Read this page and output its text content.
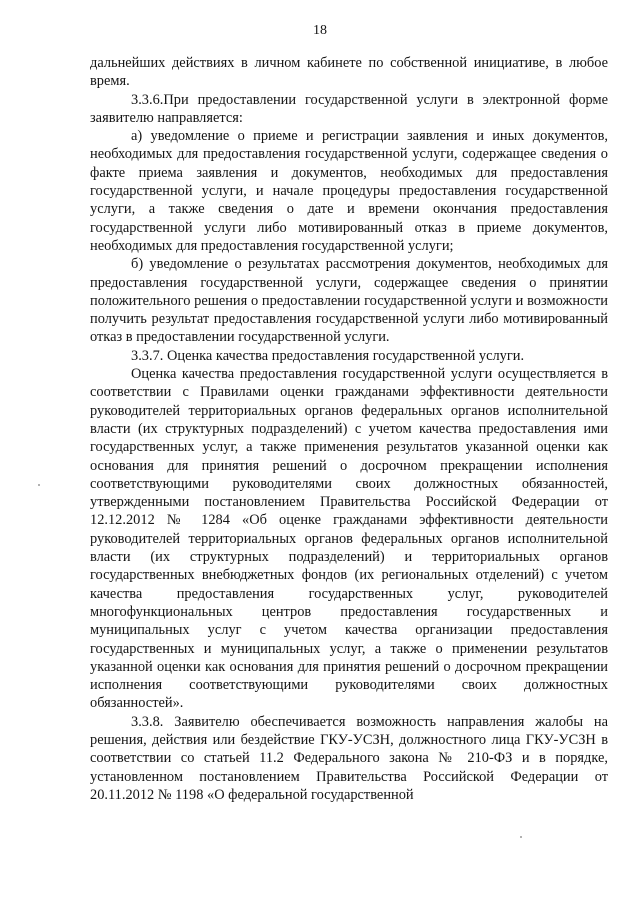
18

дальнейших действиях в личном кабинете по собственной инициативе, в любое время.

3.3.6.При предоставлении государственной услуги в электронной форме заявителю направляется:

а) уведомление о приеме и регистрации заявления и иных документов, необходимых для предоставления государственной услуги, содержащее сведения о факте приема заявления и документов, необходимых для предоставления государственной услуги, и начале процедуры предоставления государственной услуги, а также сведения о дате и времени окончания предоставления государственной услуги либо мотивированный отказ в приеме документов, необходимых для предоставления государственной услуги;

б) уведомление о результатах рассмотрения документов, необходимых для предоставления государственной услуги, содержащее сведения о принятии положительного решения о предоставлении государственной услуги и возможности получить результат предоставления государственной услуги либо мотивированный отказ в предоставлении государственной услуги.

3.3.7. Оценка качества предоставления государственной услуги.

Оценка качества предоставления государственной услуги осуществляется в соответствии с Правилами оценки гражданами эффективности деятельности руководителей территориальных органов федеральных органов исполнительной власти (их структурных подразделений) с учетом качества предоставления ими государственных услуг, а также применения результатов указанной оценки как основания для принятия решений о досрочном прекращении исполнения соответствующими руководителями своих должностных обязанностей, утвержденными постановлением Правительства Российской Федерации от 12.12.2012 № 1284 «Об оценке гражданами эффективности деятельности руководителей территориальных органов федеральных органов исполнительной власти (их структурных подразделений) и территориальных органов государственных внебюджетных фондов (их региональных отделений) с учетом качества предоставления государственных услуг, руководителей многофункциональных центров предоставления государственных и муниципальных услуг с учетом качества организации предоставления государственных и муниципальных услуг, а также о применении результатов указанной оценки как основания для принятия решений о досрочном прекращении исполнения соответствующими руководителями своих должностных обязанностей».

3.3.8. Заявителю обеспечивается возможность направления жалобы на решения, действия или бездействие ГКУ-УСЗН, должностного лица ГКУ-УСЗН в соответствии со статьей 11.2 Федерального закона № 210-ФЗ и в порядке, установленном постановлением Правительства Российской Федерации от 20.11.2012 № 1198 «О федеральной государственной
